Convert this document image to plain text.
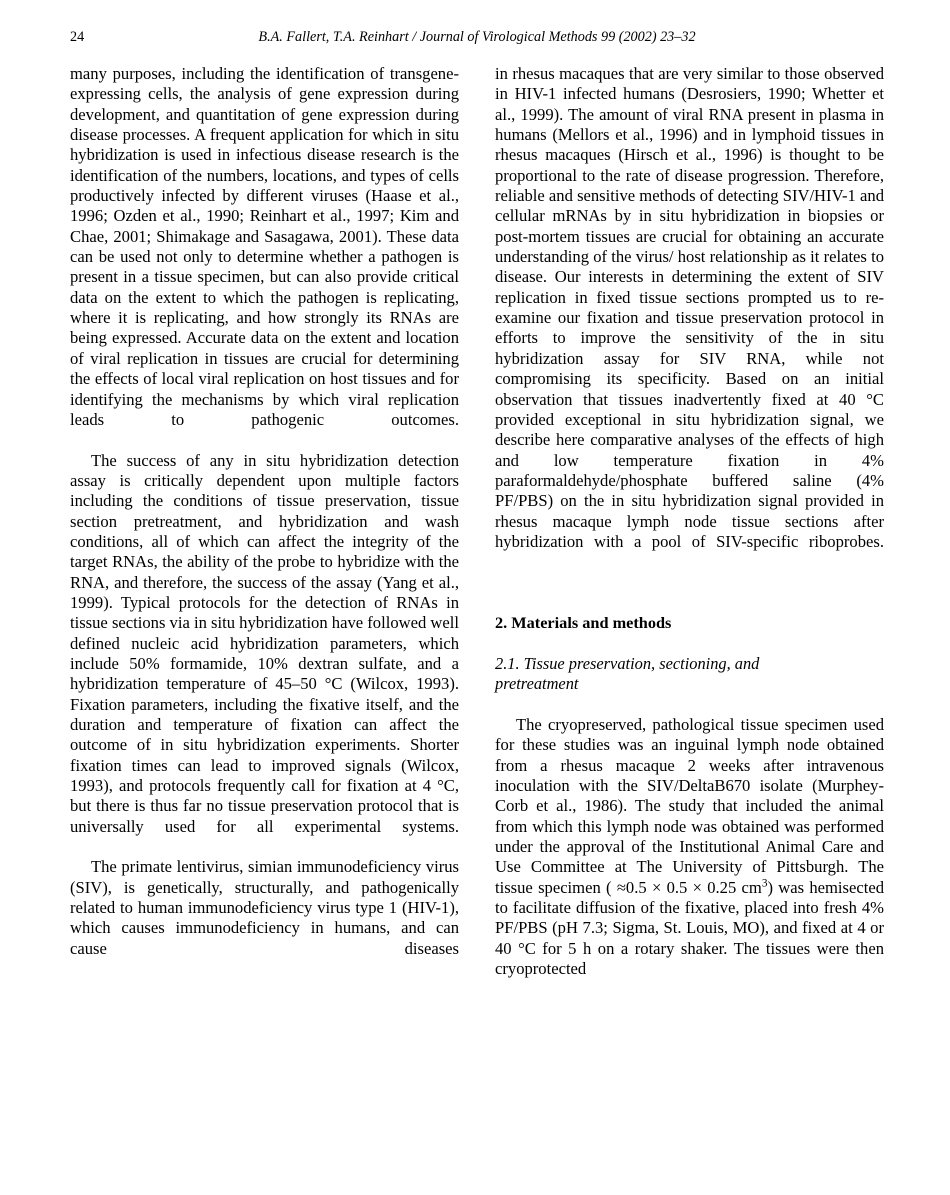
24	B.A. Fallert, T.A. Reinhart / Journal of Virological Methods 99 (2002) 23–32

many purposes, including the identification of transgene-expressing cells, the analysis of gene expression during development, and quantitation of gene expression during disease processes. A frequent application for which in situ hybridization is used in infectious disease research is the identification of the numbers, locations, and types of cells productively infected by different viruses (Haase et al., 1996; Ozden et al., 1990; Reinhart et al., 1997; Kim and Chae, 2001; Shimakage and Sasagawa, 2001). These data can be used not only to determine whether a pathogen is present in a tissue specimen, but can also provide critical data on the extent to which the pathogen is replicating, where it is replicating, and how strongly its RNAs are being expressed. Accurate data on the extent and location of viral replication in tissues are crucial for determining the effects of local viral replication on host tissues and for identifying the mechanisms by which viral replication leads to pathogenic outcomes.

The success of any in situ hybridization detection assay is critically dependent upon multiple factors including the conditions of tissue preservation, tissue section pretreatment, and hybridization and wash conditions, all of which can affect the integrity of the target RNAs, the ability of the probe to hybridize with the RNA, and therefore, the success of the assay (Yang et al., 1999). Typical protocols for the detection of RNAs in tissue sections via in situ hybridization have followed well defined nucleic acid hybridization parameters, which include 50% formamide, 10% dextran sulfate, and a hybridization temperature of 45–50 °C (Wilcox, 1993). Fixation parameters, including the fixative itself, and the duration and temperature of fixation can affect the outcome of in situ hybridization experiments. Shorter fixation times can lead to improved signals (Wilcox, 1993), and protocols frequently call for fixation at 4 °C, but there is thus far no tissue preservation protocol that is universally used for all experimental systems.

The primate lentivirus, simian immunodeficiency virus (SIV), is genetically, structurally, and pathogenically related to human immunodeficiency virus type 1 (HIV-1), which causes immunodeficiency in humans, and can cause diseases

in rhesus macaques that are very similar to those observed in HIV-1 infected humans (Desrosiers, 1990; Whetter et al., 1999). The amount of viral RNA present in plasma in humans (Mellors et al., 1996) and in lymphoid tissues in rhesus macaques (Hirsch et al., 1996) is thought to be proportional to the rate of disease progression. Therefore, reliable and sensitive methods of detecting SIV/HIV-1 and cellular mRNAs by in situ hybridization in biopsies or post-mortem tissues are crucial for obtaining an accurate understanding of the virus/ host relationship as it relates to disease. Our interests in determining the extent of SIV replication in fixed tissue sections prompted us to re-examine our fixation and tissue preservation protocol in efforts to improve the sensitivity of the in situ hybridization assay for SIV RNA, while not compromising its specificity. Based on an initial observation that tissues inadvertently fixed at 40 °C provided exceptional in situ hybridization signal, we describe here comparative analyses of the effects of high and low temperature fixation in 4% paraformaldehyde/phosphate buffered saline (4% PF/PBS) on the in situ hybridization signal provided in rhesus macaque lymph node tissue sections after hybridization with a pool of SIV-specific riboprobes.

2. Materials and methods
2.1. Tissue preservation, sectioning, and
pretreatment

The cryopreserved, pathological tissue specimen used for these studies was an inguinal lymph node obtained from a rhesus macaque 2 weeks after intravenous inoculation with the SIV/DeltaB670 isolate (Murphey-Corb et al., 1986). The study that included the animal from which this lymph node was obtained was performed under the approval of the Institutional Animal Care and Use Committee at The University of Pittsburgh. The tissue specimen ( ≈0.5 × 0.5 × 0.25 $cm^3$) was hemisected to facilitate diffusion of the fixative, placed into fresh 4% PF/PBS (pH 7.3; Sigma, St. Louis, MO), and fixed at 4 or 40 °C for 5 h on a rotary shaker. The tissues were then cryoprotected
